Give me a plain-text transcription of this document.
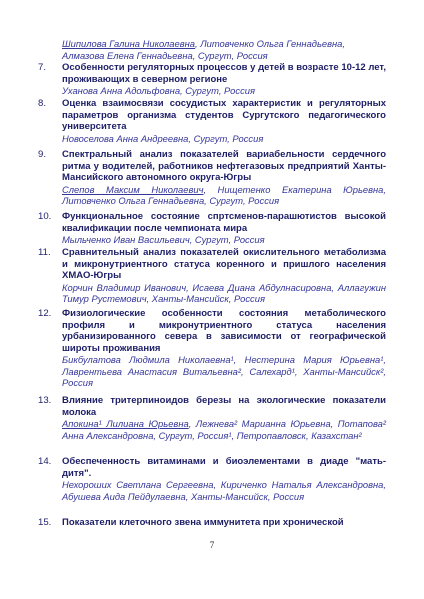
Шипилова Галина Николаевна, Литовченко Ольга Геннадьевна,
Алмазова Елена Геннадьевна, Сургут, Россия

7.	Особенности регуляторных процессов у детей в возрасте 10-12 лет, проживающих в северном регионе

Уханова Анна Адольфовна, Сургут, Россия

8.	Оценка взаимосвязи сосудистых характеристик и регуляторных параметров организма студентов Сургутского педагогического университета

Новоселова Анна Андреевна, Сургут, Россия

9.	Спектральный анализ показателей вариабельности сердечного ритма у водителей, работников нефтегазовых предприятий Ханты-Мансийского автономного округа-Югры

Слепов Максим Николаевич, Нищетенко Екатерина Юрьевна, Литовченко Ольга Геннадьевна, Сургут, Россия

10.	Функциональное состояние спртсменов-парашютистов высокой квалификации после чемпионата мира

Мыльченко Иван Васильевич, Сургут, Россия

11.	Сравнительный анализ показателей окислительного метаболизма и микронутриентного статуса коренного и пришлого населения ХМАО-Югры

Корчин Владимир Иванович, Исаева Диана Абдулнасировна, Аллагужин Тимур Рустемович, Ханты-Мансийск, Россия

12.	Физиологические особенности состояния метаболического профиля и микронутриентного статуса населения урбанизированного севера в зависимости от географической широты проживания

Бикбулатова Людмила Николаевна¹, Нестерина Мария Юрьевна¹, Лаврентьева Анастасия Витальевна², Салехард¹, Ханты-Мансийск², Россия

13.	Влияние тритерпиноидов березы на экологические показатели молока

Апокина¹ Лилиана Юрьевна, Лежнева² Марианна Юрьевна, Потапова² Анна Александровна, Сургут, Россия¹, Петропавловск, Казахстан²

14.	Обеспеченность витаминами и биоэлементами в диаде "мать-дитя".

Нехороших Светлана Сергеевна, Кириченко Наталья Александровна, Абушева Аида Пейдулаевна, Ханты-Мансийск, Россия

15.	Показатели клеточного звена иммунитета при хронической

7
